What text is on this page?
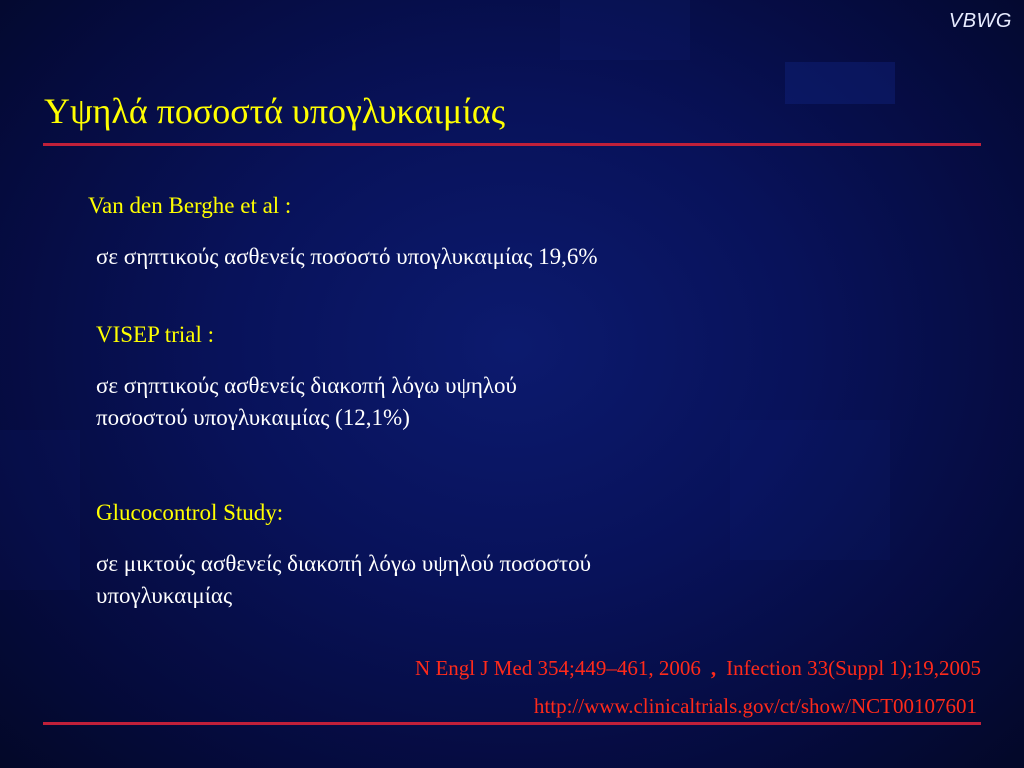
VBWG
Υψηλά ποσοστά υπογλυκαιμίας
Van den Berghe et al :
σε σηπτικούς ασθενείς ποσοστό υπογλυκαιμίας 19,6%
VISEP trial :
σε σηπτικούς ασθενείς διακοπή λόγω υψηλού
ποσοστού υπογλυκαιμίας (12,1%)
Glucocontrol Study:
σε μικτούς ασθενείς διακοπή λόγω υψηλού ποσοστού
υπογλυκαιμίας
N Engl J Med 354;449–461, 2006 , Infection 33(Suppl 1);19,2005
http://www.clinicaltrials.gov/ct/show/NCT00107601
